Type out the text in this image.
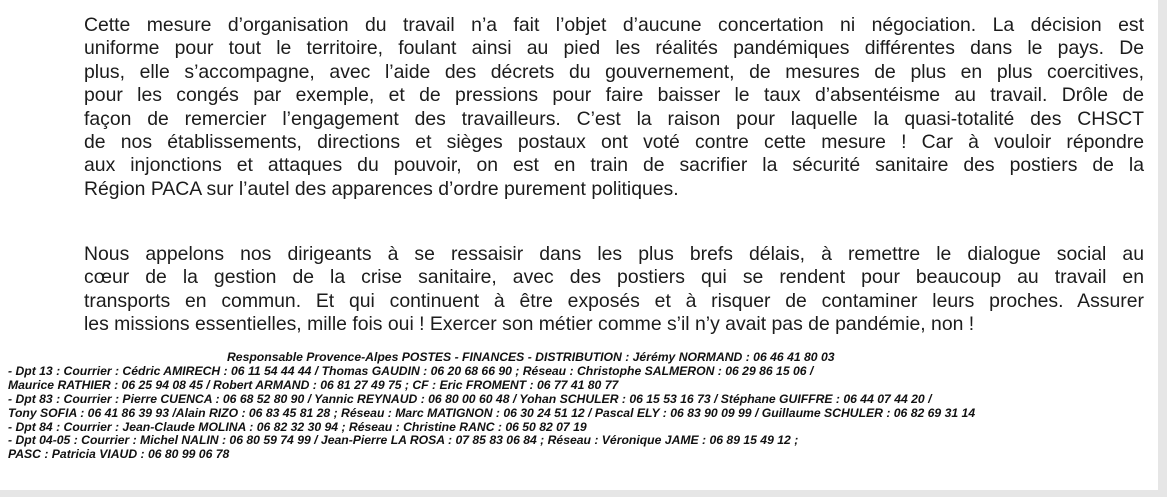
Cette mesure d’organisation du travail n’a fait l’objet d’aucune concertation ni négociation. La décision est
uniforme pour tout le territoire, foulant ainsi au pied les réalités pandémiques différentes dans le pays. De
plus, elle s’accompagne, avec l’aide des décrets du gouvernement, de mesures de plus en plus coercitives,
pour les congés par exemple, et de pressions pour faire baisser le taux d’absentéisme au travail. Drôle de
façon de remercier l’engagement des travailleurs. C’est la raison pour laquelle la quasi-totalité des CHSCT
de nos établissements, directions et sièges postaux ont voté contre cette mesure ! Car à vouloir répondre
aux injonctions et attaques du pouvoir, on est en train de sacrifier la sécurité sanitaire des postiers de la
Région PACA sur l’autel des apparences d’ordre purement politiques.
Nous appelons nos dirigeants à se ressaisir dans les plus brefs délais, à remettre le dialogue social au
cœur de la gestion de la crise sanitaire, avec des postiers qui se rendent pour beaucoup au travail en
transports en commun. Et qui continuent à être exposés et à risquer de contaminer leurs proches. Assurer
les missions essentielles, mille fois oui ! Exercer son métier comme s’il n’y avait pas de pandémie, non !
Responsable Provence-Alpes POSTES - FINANCES - DISTRIBUTION : Jérémy NORMAND : 06 46 41 80 03
- Dpt 13 : Courrier : Cédric AMIRECH : 06 11 54 44 44 / Thomas GAUDIN : 06 20 68 66 90 ; Réseau : Christophe SALMERON : 06 29 86 15 06 /
Maurice RATHIER : 06 25 94 08 45 / Robert ARMAND : 06 81 27 49 75 ; CF : Eric FROMENT : 06 77 41 80 77
- Dpt 83 : Courrier : Pierre CUENCA : 06 68 52 80 90 / Yannic REYNAUD : 06 80 00 60 48 / Yohan SCHULER : 06 15 53 16 73 / Stéphane GUIFFRE : 06 44 07 44 20 /
Tony SOFIA : 06 41 86 39 93 /Alain RIZO : 06 83 45 81 28 ; Réseau : Marc MATIGNON : 06 30 24 51 12 / Pascal ELY : 06 83 90 09 99 / Guillaume SCHULER : 06 82 69 31 14
- Dpt 84 : Courrier : Jean-Claude MOLINA : 06 82 32 30 94 ; Réseau : Christine RANC : 06 50 82 07 19
- Dpt 04-05 : Courrier : Michel NALIN : 06 80 59 74 99 / Jean-Pierre LA ROSA : 07 85 83 06 84 ; Réseau : Véronique JAME : 06 89 15 49 12 ;
PASC : Patricia VIAUD : 06 80 99 06 78
